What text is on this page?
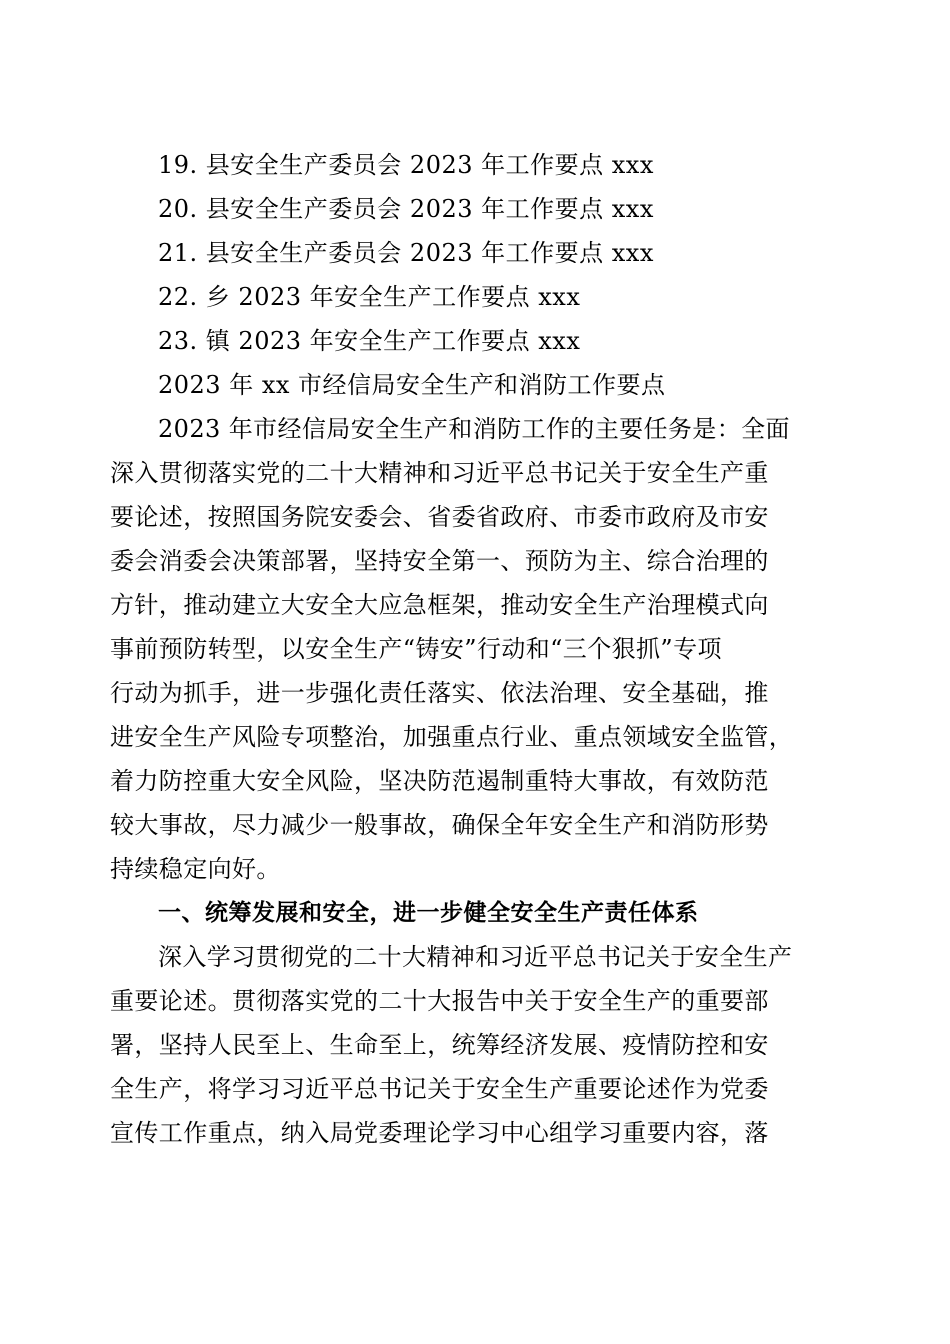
19. 县安全生产委员会 2023 年工作要点 xxx
20. 县安全生产委员会 2023 年工作要点 xxx
21. 县安全生产委员会 2023 年工作要点 xxx
22. 乡 2023 年安全生产工作要点 xxx
23. 镇 2023 年安全生产工作要点 xxx
2023 年 xx 市经信局安全生产和消防工作要点
2023 年市经信局安全生产和消防工作的主要任务是：全面
深入贯彻落实党的二十大精神和习近平总书记关于安全生产重
要论述，按照国务院安委会、省委省政府、市委市政府及市安
委会消委会决策部署，坚持安全第一、预防为主、综合治理的
方针，推动建立大安全大应急框架，推动安全生产治理模式向
事前预防转型，以安全生产“铸安”行动和“三个狠抓”专项
行动为抓手，进一步强化责任落实、依法治理、安全基础，推
进安全生产风险专项整治，加强重点行业、重点领域安全监管，
着力防控重大安全风险，坚决防范遏制重特大事故，有效防范
较大事故，尽力减少一般事故，确保全年安全生产和消防形势
持续稳定向好。
一、统筹发展和安全，进一步健全安全生产责任体系
深入学习贯彻党的二十大精神和习近平总书记关于安全生产
重要论述。贯彻落实党的二十大报告中关于安全生产的重要部
署，坚持人民至上、生命至上，统筹经济发展、疫情防控和安
全生产，将学习习近平总书记关于安全生产重要论述作为党委
宣传工作重点，纳入局党委理论学习中心组学习重要内容，落
